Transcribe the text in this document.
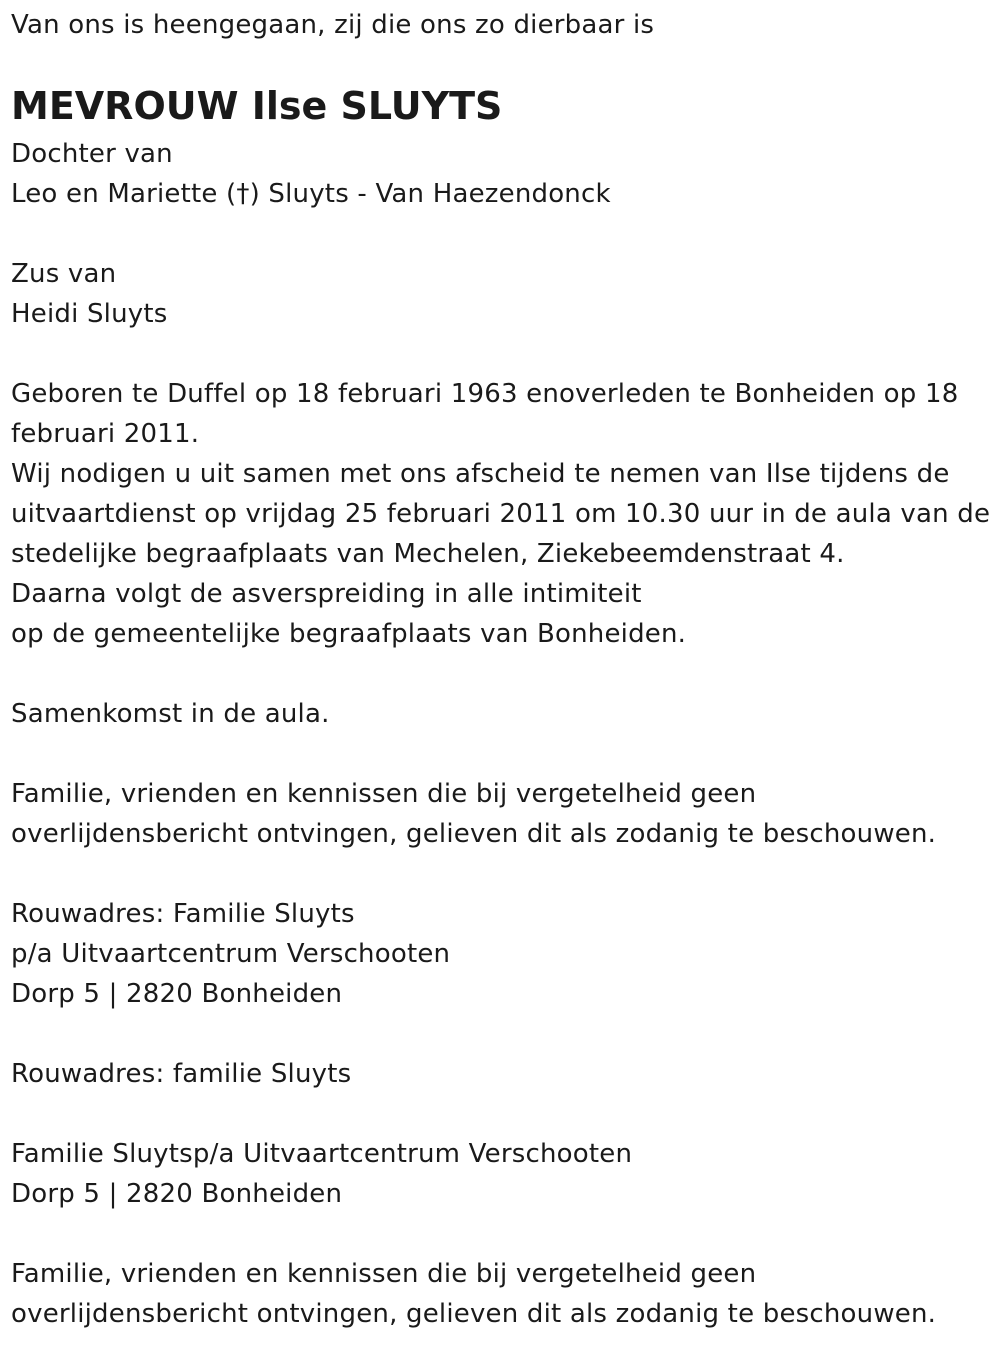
Van ons is heengegaan, zij die ons zo dierbaar is
MEVROUW Ilse SLUYTS
Dochter van
Leo en Mariette (†) Sluyts - Van Haezendonck
Zus van
Heidi Sluyts
Geboren te Duffel op 18 februari 1963 enoverleden te Bonheiden op 18
februari 2011.
Wij nodigen u uit samen met ons afscheid te nemen van Ilse tijdens de
uitvaartdienst op vrijdag 25 februari 2011 om 10.30 uur in de aula van de
stedelijke begraafplaats van Mechelen, Ziekebeemdenstraat 4.
Daarna volgt de asverspreiding in alle intimiteit
op de gemeentelijke begraafplaats van Bonheiden.
Samenkomst in de aula.
Familie, vrienden en kennissen die bij vergetelheid geen
overlijdensbericht ontvingen, gelieven dit als zodanig te beschouwen.
Rouwadres: Familie Sluyts
p/a Uitvaartcentrum Verschooten
Dorp 5 | 2820 Bonheiden
Rouwadres: familie Sluyts
Familie Sluytsp/a Uitvaartcentrum Verschooten
Dorp 5 | 2820 Bonheiden
Familie, vrienden en kennissen die bij vergetelheid geen
overlijdensbericht ontvingen, gelieven dit als zodanig te beschouwen.
